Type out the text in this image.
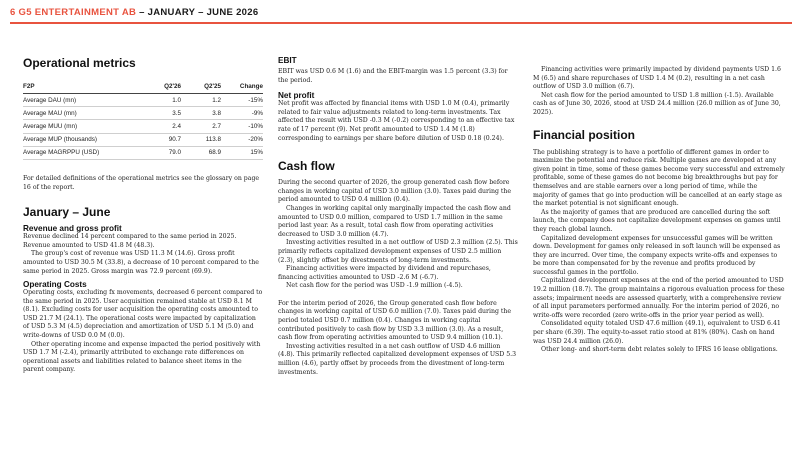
6 G5 ENTERTAINMENT AB – JANUARY – JUNE 2026
Operational metrics
F2P	Q2'26	Q2'25	Change
Average DAU (mn)	1.0	1.2	-15%
Average MAU (mn)	3.5	3.8	-9%
Average MUU (mn)	2.4	2.7	-10%
Average MUP (thousands)	90.7	113.8	-20%
Average MAGRPPU (USD)	79.0	68.9	15%

For detailed definitions of the operational metrics see the glossary on page 16 of the report.

January – June
Revenue and gross profit

Revenue declined 14 percent compared to the same period in 2025. Revenue amounted to USD 41.8 M (48.3).

The group's cost of revenue was USD 11.3 M (14.6). Gross profit amounted to USD 30.5 M (33.8), a decrease of 10 percent compared to the same period in 2025. Gross margin was 72.9 percent (69.9).

Operating Costs

Operating costs, excluding fx movements, decreased 6 percent compared to the same period in 2025. User acquisition remained stable at USD 8.1 M (8.1). Excluding costs for user acquisition the operating costs amounted to USD 21.7 M (24.1). The operational costs were impacted by capitalization of USD 5.3 M (4.5) depreciation and amortization of USD 5.1 M (5.0) and write-downs of USD 0.0 M (0.0).

Other operating income and expense impacted the period positively with USD 1.7 M (-2.4), primarily attributed to exchange rate differences on operational assets and liabilities related to balance sheet items in the parent company.

EBIT

EBIT was USD 0.6 M (1.6) and the EBIT-margin was 1.5 percent (3.3) for the period.

Net profit

Net profit was affected by financial items with USD 1.0 M (0.4), primarily related to fair value adjustments related to long-term investments. Tax affected the result with USD -0.3 M (-0.2) corresponding to an effective tax rate of 17 percent (9). Net profit amounted to USD 1.4 M (1.8) corresponding to earnings per share before dilution of USD 0.18 (0.24).

Cash flow

During the second quarter of 2026, the group generated cash flow before changes in working capital of USD 3.0 million (3.0). Taxes paid during the period amounted to USD 0.4 million (0.4).

Changes in working capital only marginally impacted the cash flow and amounted to USD 0.0 million, compared to USD 1.7 million in the same period last year. As a result, total cash flow from operating activities decreased to USD 3.0 million (4.7).

Investing activities resulted in a net outflow of USD 2.3 million (2.5). This primarily reflects capitalized development expenses of USD 2.5 million (2.3), slightly offset by divestments of long-term investments.

Financing activities were impacted by dividend and repurchases, financing activities amounted to USD -2.6 M (-6.7).

Net cash flow for the period was USD -1.9 million (-4.5).

For the interim period of 2026, the Group generated cash flow before changes in working capital of USD 6.0 million (7.0). Taxes paid during the period totaled USD 0.7 million (0.4). Changes in working capital contributed positively to cash flow by USD 3.3 million (3.0). As a result, cash flow from operating activities amounted to USD 9.4 million (10.1).

Investing activities resulted in a net cash outflow of USD 4.6 million (4.8). This primarily reflected capitalized development expenses of USD 5.3 million (4.6), partly offset by proceeds from the divestment of long-term investments.

Financing activities were primarily impacted by dividend payments USD 1.6 M (6.5) and share repurchases of USD 1.4 M (0.2), resulting in a net cash outflow of USD 3.0 million (6.7).

Net cash flow for the period amounted to USD 1.8 million (-1.5). Available cash as of June 30, 2026, stood at USD 24.4 million (26.0 million as of June 30, 2025).

Financial position

The publishing strategy is to have a portfolio of different games in order to maximize the potential and reduce risk. Multiple games are developed at any given point in time, some of these games become very successful and extremely profitable, some of these games do not become big breakthroughs but pay for themselves and are stable earners over a long period of time, while the majority of games that go into production will be cancelled at an early stage as the market potential is not significant enough.

As the majority of games that are produced are cancelled during the soft launch, the company does not capitalize development expenses on games until they reach global launch.

Capitalized development expenses for unsuccessful games will be written down. Development for games only released in soft launch will be expensed as they are incurred. Over time, the company expects write-offs and expenses to be more than compensated for by the revenue and profits produced by successful games in the portfolio.

Capitalized development expenses at the end of the period amounted to USD 19.2 million (18.7). The group maintains a rigorous evaluation process for these assets; impairment needs are assessed quarterly, with a comprehensive review of all input parameters performed annually. For the interim period of 2026, no write-offs were recorded (zero write-offs in the prior year period as well).

Consolidated equity totaled USD 47.6 million (49.1), equivalent to USD 6.41 per share (6.39). The equity-to-asset ratio stood at 81% (80%). Cash on hand was USD 24.4 million (26.0).

Other long- and short-term debt relates solely to IFRS 16 lease obligations.
